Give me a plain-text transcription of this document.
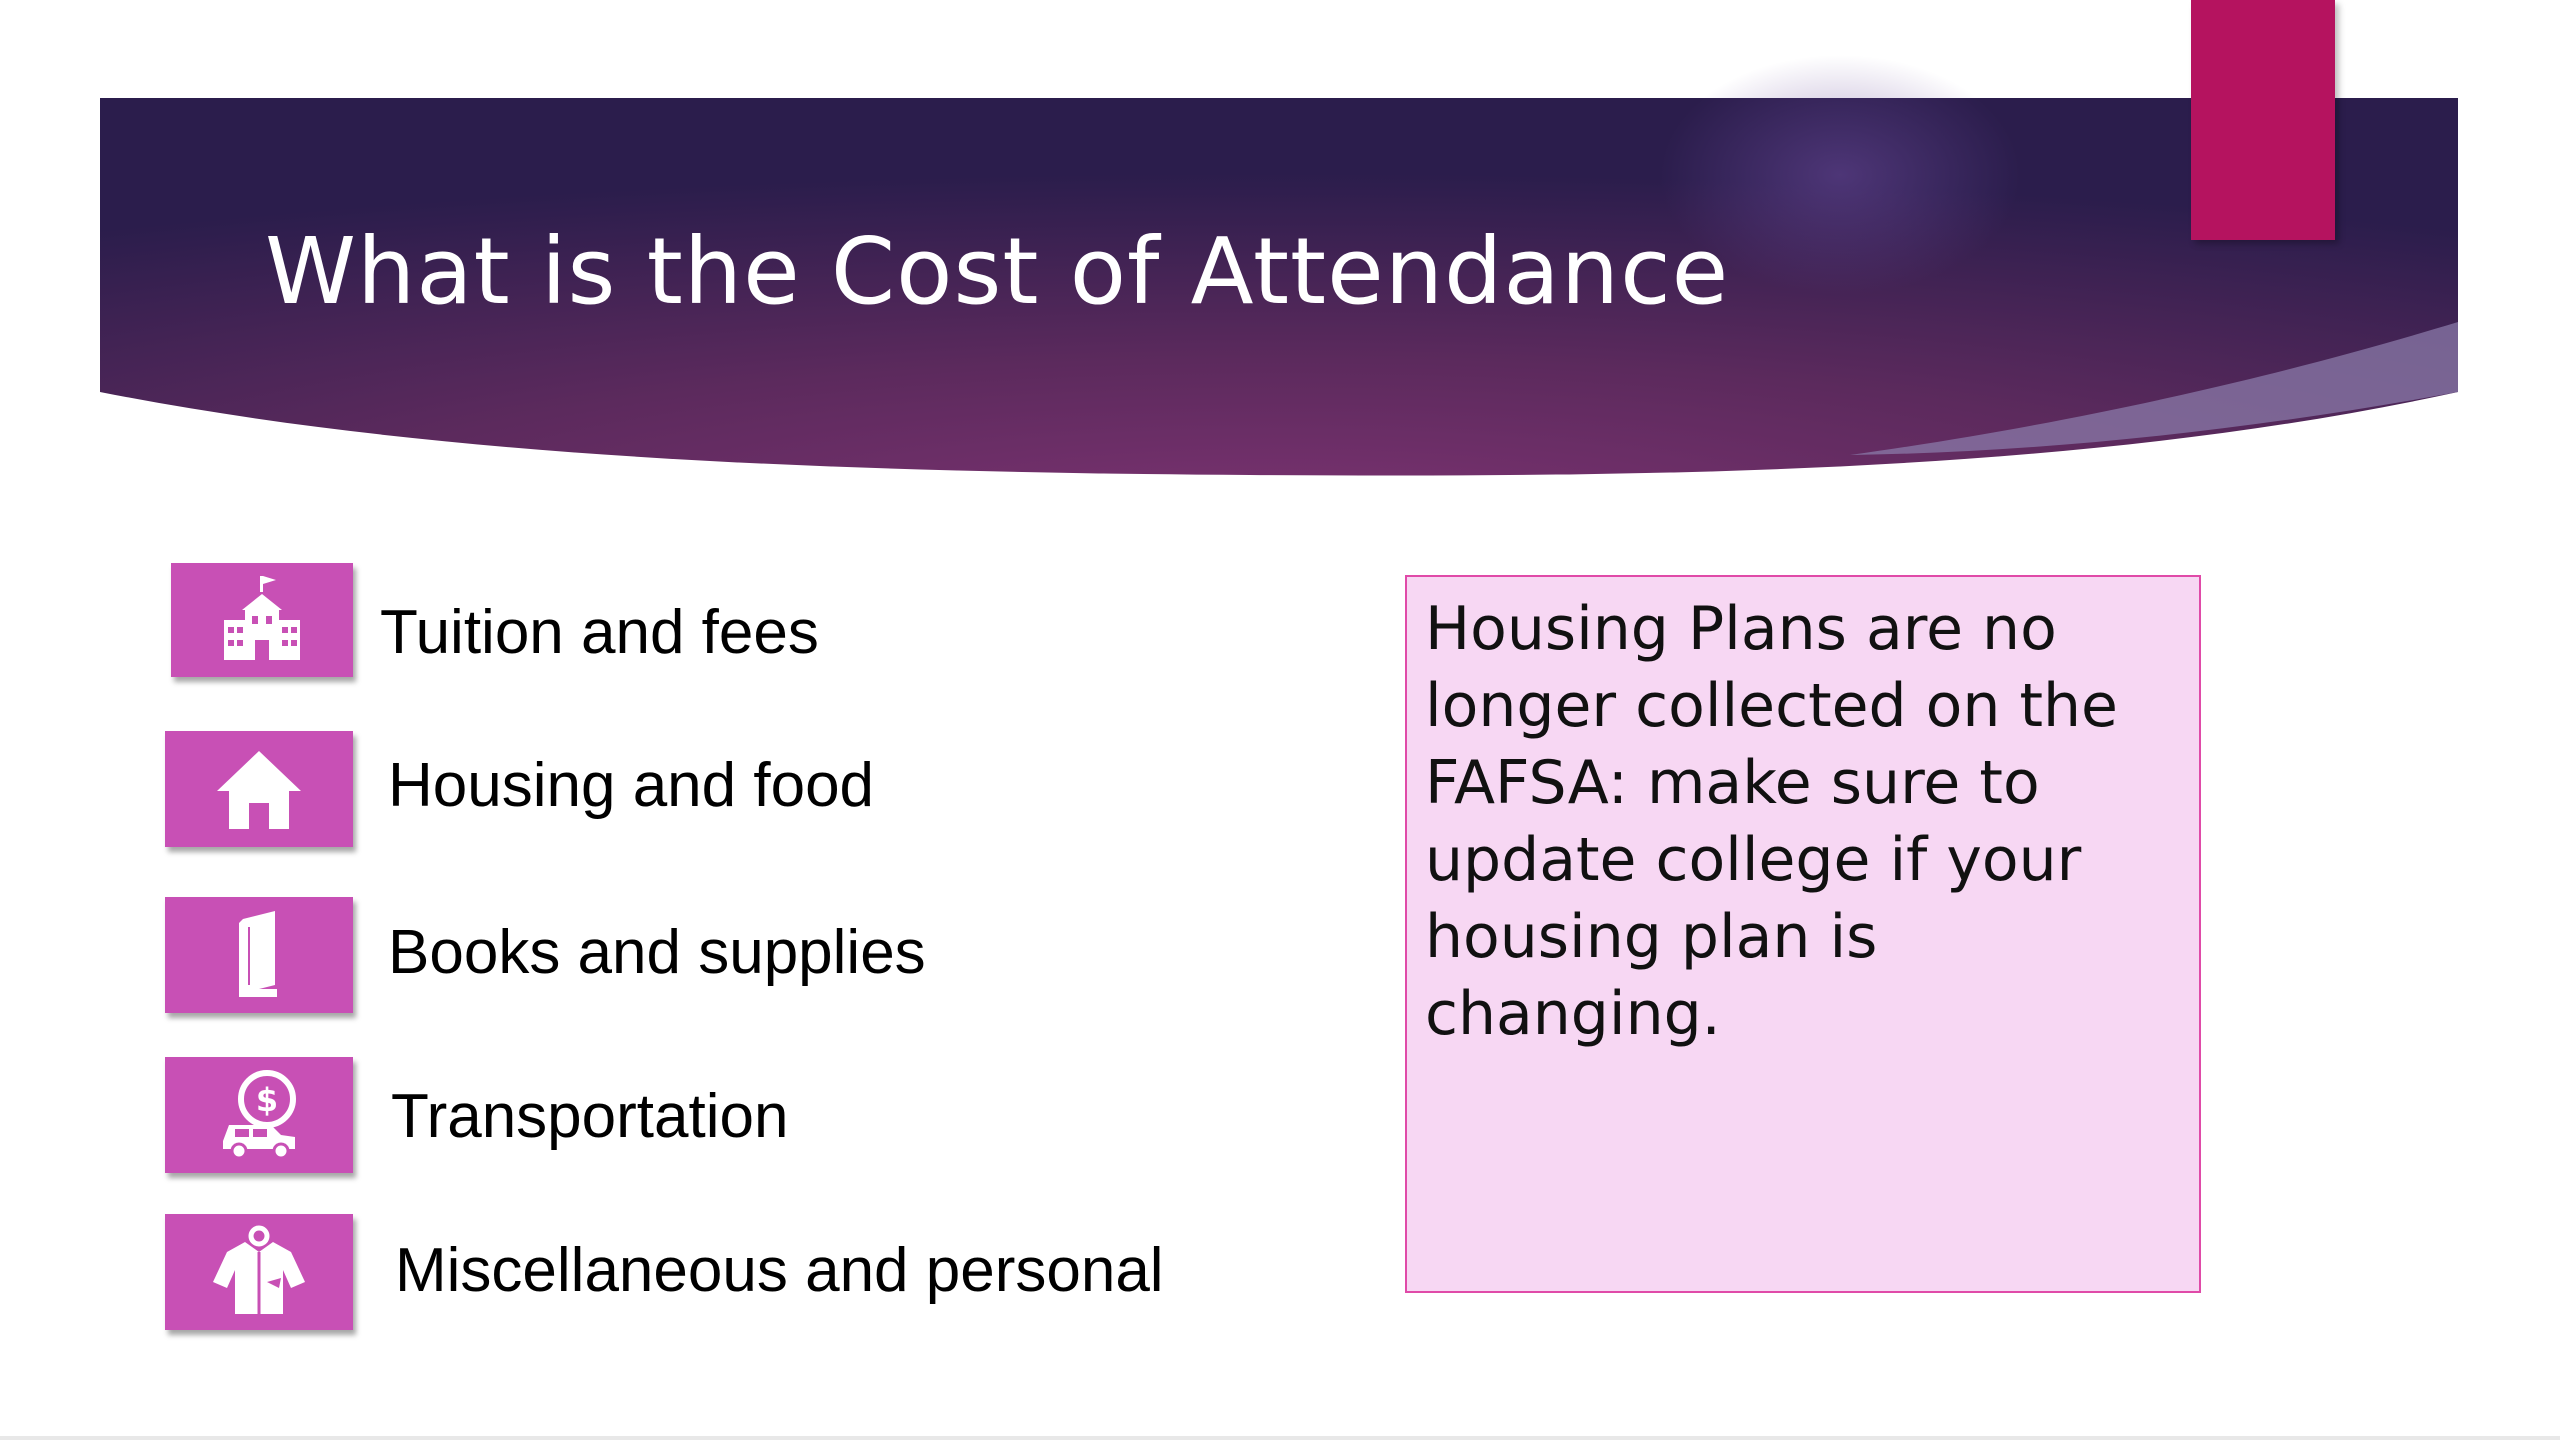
What is the Cost of Attendance
Tuition and fees
Housing and food
Books and supplies
$ Transportation
Miscellaneous and personal
Housing Plans are no longer collected on the FAFSA: make sure to update college if your housing plan is changing.
